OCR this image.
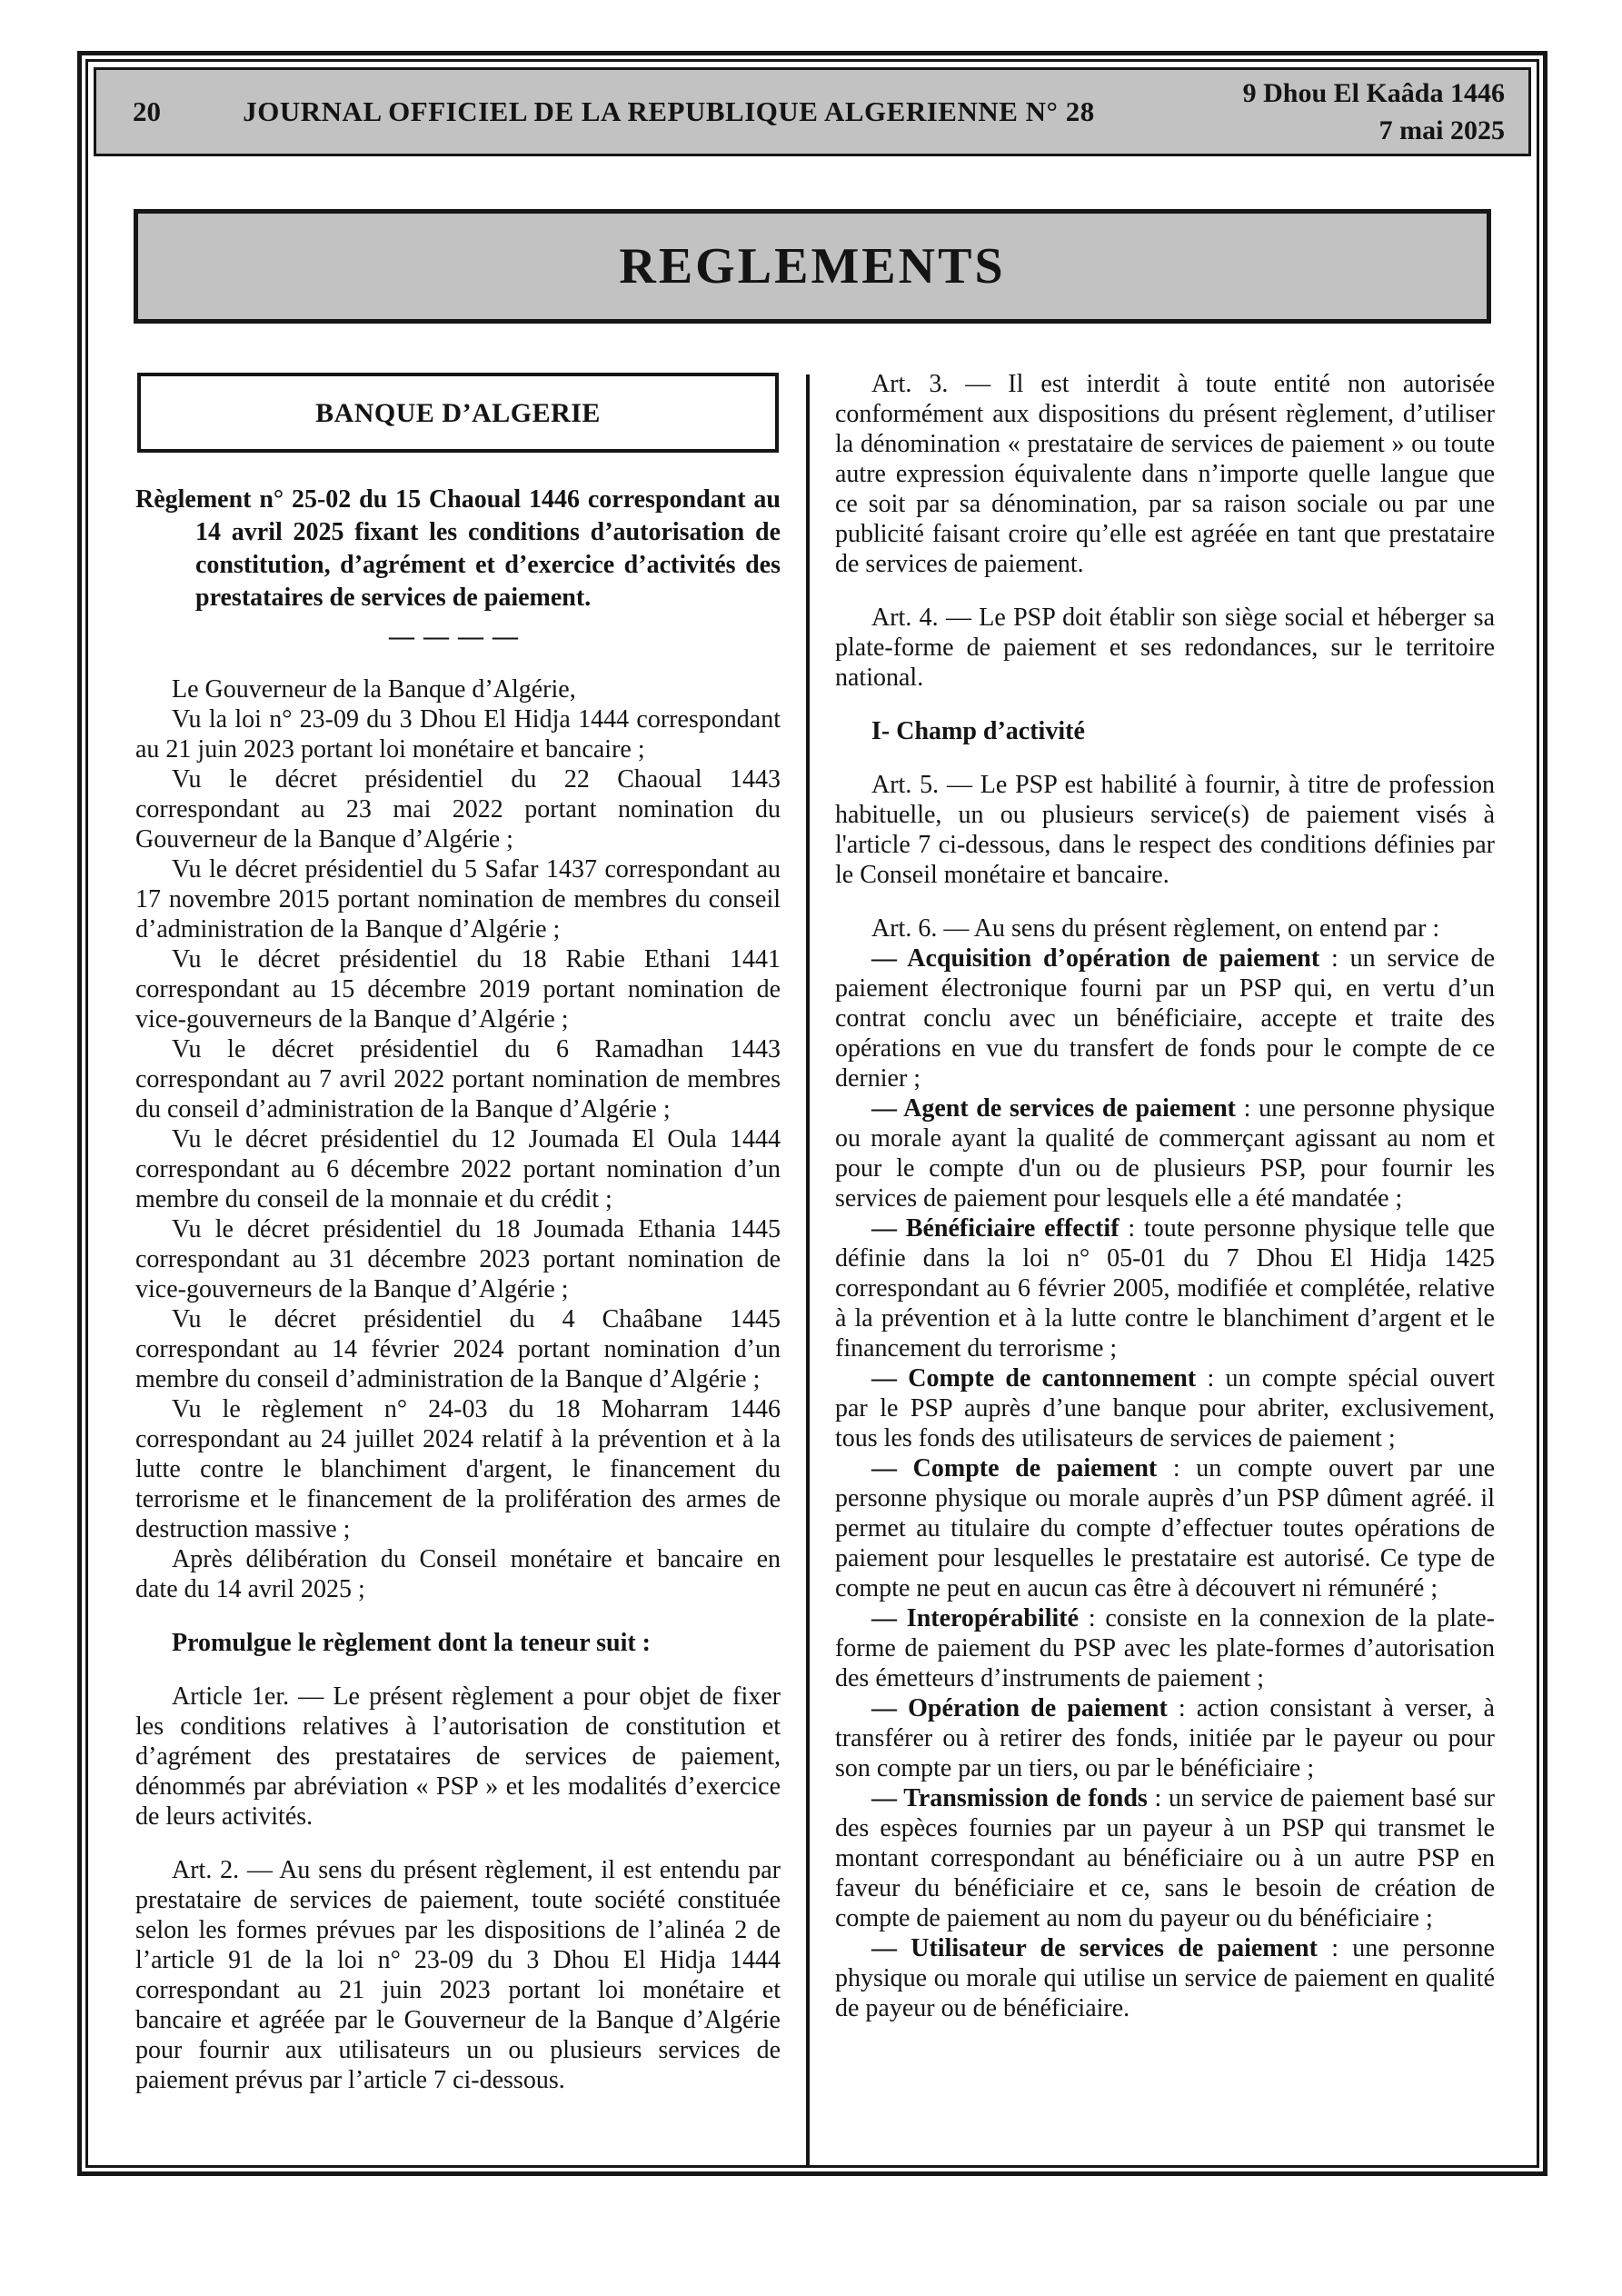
20	JOURNAL OFFICIEL DE LA REPUBLIQUE ALGERIENNE N° 28
9 Dhou El Kaâda 1446
7 mai 2025
REGLEMENTS
BANQUE D’ALGERIE

Règlement n° 25-02 du 15 Chaoual 1446 correspondant au 14 avril 2025 fixant les conditions d’autorisation de constitution, d’agrément et d’exercice d’activités des prestataires de services de paiement.

————

Le Gouverneur de la Banque d’Algérie,

Vu la loi n° 23-09 du 3 Dhou El Hidja 1444 correspondant au 21 juin 2023 portant loi monétaire et bancaire ;

Vu le décret présidentiel du 22 Chaoual 1443 correspondant au 23 mai 2022 portant nomination du Gouverneur de la Banque d’Algérie ;

Vu le décret présidentiel du 5 Safar 1437 correspondant au 17 novembre 2015 portant nomination de membres du conseil d’administration de la Banque d’Algérie ;

Vu le décret présidentiel du 18 Rabie Ethani 1441 correspondant au 15 décembre 2019 portant nomination de vice-gouverneurs de la Banque d’Algérie ;

Vu le décret présidentiel du 6 Ramadhan 1443 correspondant au 7 avril 2022 portant nomination de membres du conseil d’administration de la Banque d’Algérie ;

Vu le décret présidentiel du 12 Joumada El Oula 1444 correspondant au 6 décembre 2022 portant nomination d’un membre du conseil de la monnaie et du crédit ;

Vu le décret présidentiel du 18 Joumada Ethania 1445 correspondant au 31 décembre 2023 portant nomination de vice-gouverneurs de la Banque d’Algérie ;

Vu le décret présidentiel du 4 Chaâbane 1445 correspondant au 14 février 2024 portant nomination d’un membre du conseil d’administration de la Banque d’Algérie ;

Vu le règlement n° 24-03 du 18 Moharram 1446 correspondant au 24 juillet 2024 relatif à la prévention et à la lutte contre le blanchiment d'argent, le financement du terrorisme et le financement de la prolifération des armes de destruction massive ;

Après délibération du Conseil monétaire et bancaire en date du 14 avril 2025 ;

Promulgue le règlement dont la teneur suit :

Article 1er. — Le présent règlement a pour objet de fixer les conditions relatives à l’autorisation de constitution et d’agrément des prestataires de services de paiement, dénommés par abréviation « PSP » et les modalités d’exercice de leurs activités.

Art. 2. — Au sens du présent règlement, il est entendu par prestataire de services de paiement, toute société constituée selon les formes prévues par les dispositions de l’alinéa 2 de l’article 91 de la loi n° 23-09 du 3 Dhou El Hidja 1444 correspondant au 21 juin 2023 portant loi monétaire et bancaire et agréée par le Gouverneur de la Banque d’Algérie pour fournir aux utilisateurs un ou plusieurs services de paiement prévus par l’article 7 ci-dessous.

Art. 3. — Il est interdit à toute entité non autorisée conformément aux dispositions du présent règlement, d’utiliser la dénomination « prestataire de services de paiement » ou toute autre expression équivalente dans n’importe quelle langue que ce soit par sa dénomination, par sa raison sociale ou par une publicité faisant croire qu’elle est agréée en tant que prestataire de services de paiement.

Art. 4. — Le PSP doit établir son siège social et héberger sa plate-forme de paiement et ses redondances, sur le territoire national.

I- Champ d’activité

Art. 5. — Le PSP est habilité à fournir, à titre de profession habituelle, un ou plusieurs service(s) de paiement visés à l'article 7 ci-dessous, dans le respect des conditions définies par le Conseil monétaire et bancaire.

Art. 6. — Au sens du présent règlement, on entend par :

— Acquisition d’opération de paiement : un service de paiement électronique fourni par un PSP qui, en vertu d’un contrat conclu avec un bénéficiaire, accepte et traite des opérations en vue du transfert de fonds pour le compte de ce dernier ;

— Agent de services de paiement : une personne physique ou morale ayant la qualité de commerçant agissant au nom et pour le compte d'un ou de plusieurs PSP, pour fournir les services de paiement pour lesquels elle a été mandatée ;

— Bénéficiaire effectif : toute personne physique telle que définie dans la loi n° 05-01 du 7 Dhou El Hidja 1425 correspondant au 6 février 2005, modifiée et complétée, relative à la prévention et à la lutte contre le blanchiment d’argent et le financement du terrorisme ;

— Compte de cantonnement : un compte spécial ouvert par le PSP auprès d’une banque pour abriter, exclusivement, tous les fonds des utilisateurs de services de paiement ;

— Compte de paiement : un compte ouvert par une personne physique ou morale auprès d’un PSP dûment agréé. il permet au titulaire du compte d’effectuer toutes opérations de paiement pour lesquelles le prestataire est autorisé. Ce type de compte ne peut en aucun cas être à découvert ni rémunéré ;

— Interopérabilité : consiste en la connexion de la plate-forme de paiement du PSP avec les plate-formes d’autorisation des émetteurs d’instruments de paiement ;

— Opération de paiement : action consistant à verser, à transférer ou à retirer des fonds, initiée par le payeur ou pour son compte par un tiers, ou par le bénéficiaire ;

— Transmission de fonds : un service de paiement basé sur des espèces fournies par un payeur à un PSP qui transmet le montant correspondant au bénéficiaire ou à un autre PSP en faveur du bénéficiaire et ce, sans le besoin de création de compte de paiement au nom du payeur ou du bénéficiaire ;

— Utilisateur de services de paiement : une personne physique ou morale qui utilise un service de paiement en qualité de payeur ou de bénéficiaire.
